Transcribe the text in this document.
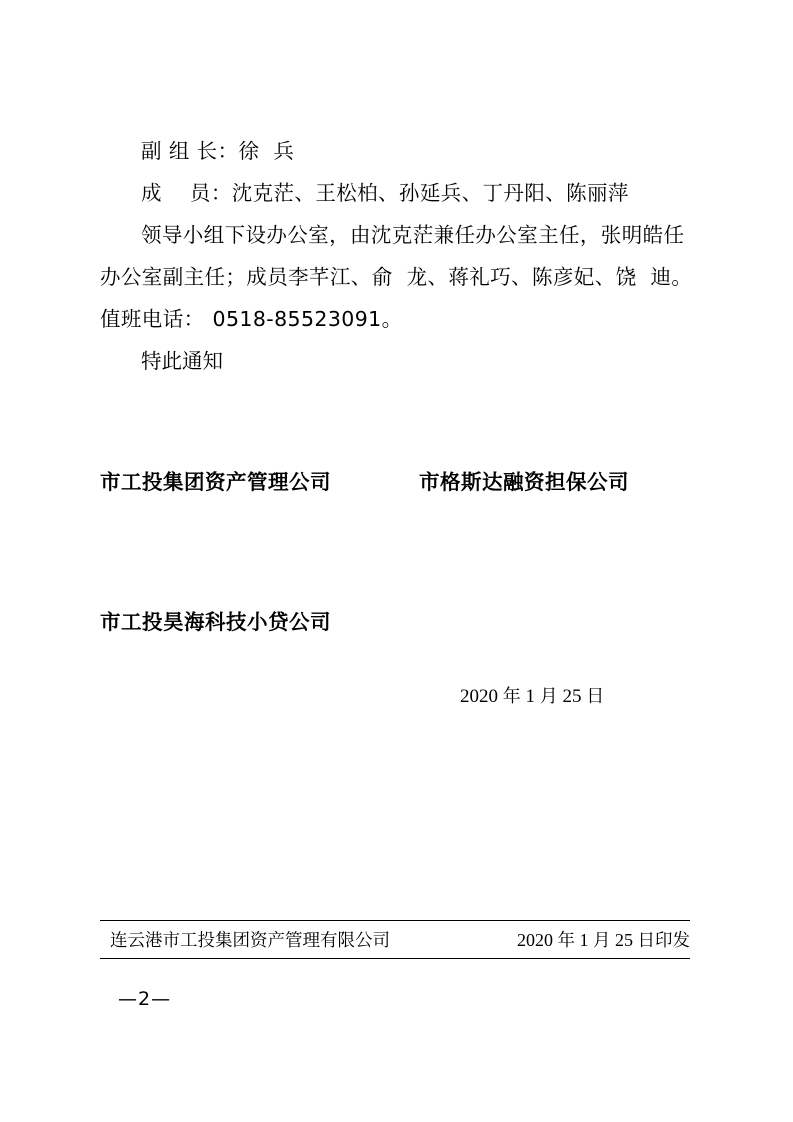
副 组 长：徐 兵
成 员：沈克茫、王松柏、孙延兵、丁丹阳、陈丽萍
领导小组下设办公室，由沈克茫兼任办公室主任，张明皓任
办公室副主任；成员李芊江、俞 龙、蒋礼巧、陈彦妃、饶 迪。
值班电话： 0518-85523091。
特此通知
市工投集团资产管理公司	市格斯达融资担保公司
市工投昊海科技小贷公司
2020 年 1 月 25 日
连云港市工投集团资产管理有限公司	2020 年 1 月 25 日印发
—2—
